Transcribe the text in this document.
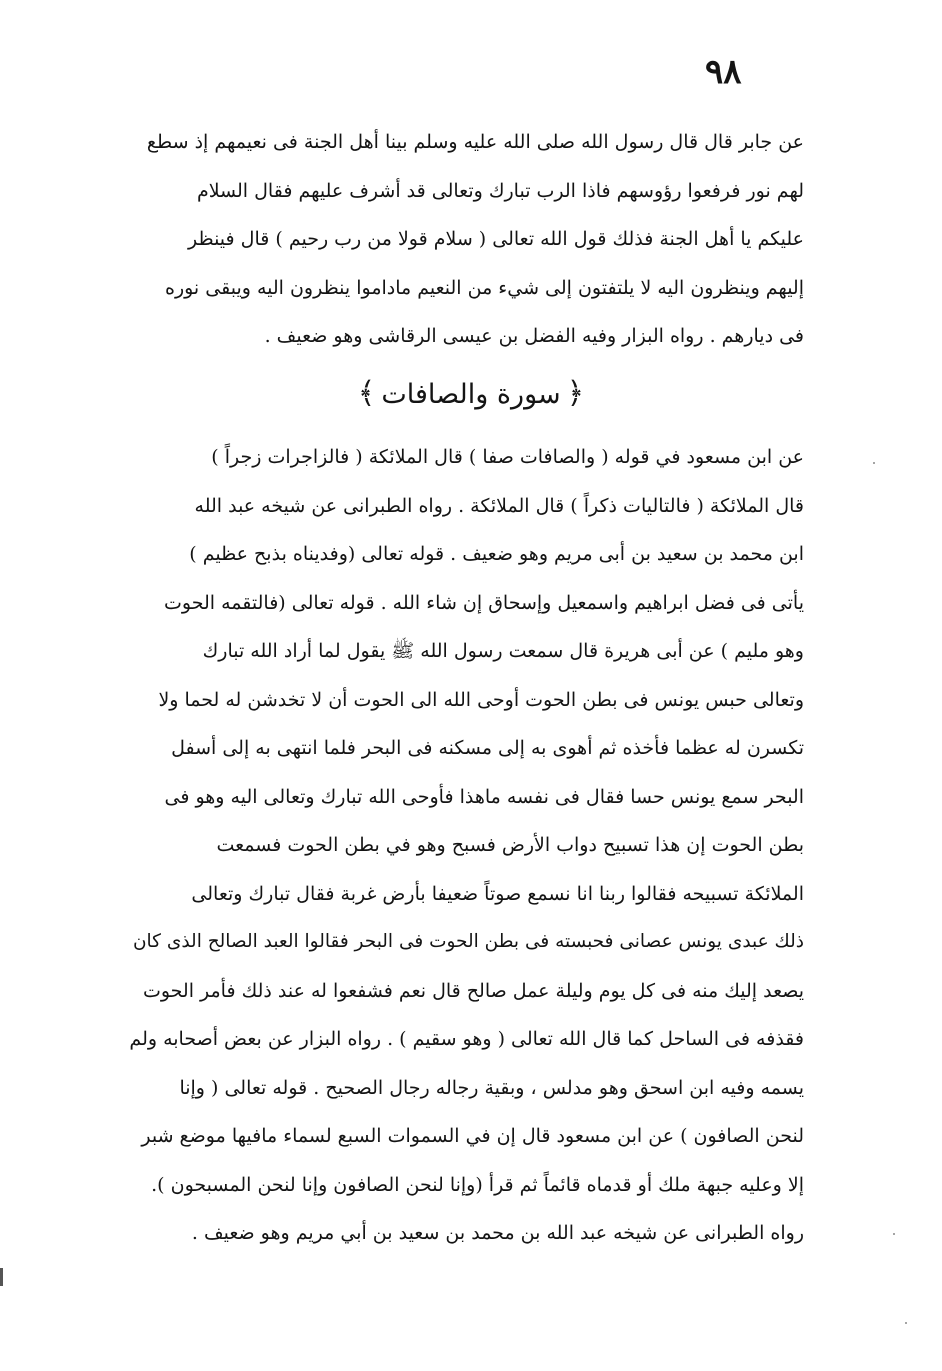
٩٨
عن جابر قال قال رسول الله صلى الله عليه وسلم بينا أهل الجنة فى نعيمهم إذ سطع
لهم نور فرفعوا رؤوسهم فاذا الرب تبارك وتعالى قد أشرف عليهم فقال السلام
عليكم يا أهل الجنة فذلك قول الله تعالى ( سلام قولا من رب رحيم ) قال فينظر
إليهم وينظرون اليه لا يلتفتون إلى شيء من النعيم ماداموا ينظرون اليه ويبقى نوره
فى ديارهم . رواه البزار وفيه الفضل بن عيسى الرقاشى وهو ضعيف .
﴿سورة والصافات﴾
عن ابن مسعود في قوله ( والصافات صفا ) قال الملائكة ( فالزاجرات زجراً )
قال الملائكة ( فالتاليات ذكراً ) قال الملائكة . رواه الطبرانى عن شيخه عبد الله
ابن محمد بن سعيد بن أبى مريم وهو ضعيف . قوله تعالى (وفديناه بذبح عظيم )
يأتى فى فضل ابراهيم واسمعيل وإسحاق إن شاء الله . قوله تعالى (فالتقمه الحوت
وهو مليم ) عن أبى هريرة قال سمعت رسول الله ﷺ يقول لما أراد الله تبارك
وتعالى حبس يونس فى بطن الحوت أوحى الله الى الحوت أن لا تخدشن له لحما ولا
تكسرن له عظما فأخذه ثم أهوى به إلى مسكنه فى البحر فلما انتهى به إلى أسفل
البحر سمع يونس حسا فقال فى نفسه ماهذا فأوحى الله تبارك وتعالى اليه وهو فى
بطن الحوت إن هذا تسبيح دواب الأرض فسبح وهو في بطن الحوت فسمعت
الملائكة تسبيحه فقالوا ربنا انا نسمع صوتاً ضعيفا بأرض غربة فقال تبارك وتعالى
ذلك عبدى يونس عصانى فحبسته فى بطن الحوت فى البحر فقالوا العبد الصالح الذى كان
يصعد إليك منه فى كل يوم وليلة عمل صالح قال نعم فشفعوا له عند ذلك فأمر الحوت
فقذفه فى الساحل كما قال الله تعالى ( وهو سقيم ) . رواه البزار عن بعض أصحابه ولم
يسمه وفيه ابن اسحق وهو مدلس ، وبقية رجاله رجال الصحيح . قوله تعالى ( وإنا
لنحن الصافون ) عن ابن مسعود قال إن في السموات السبع لسماء مافيها موضع شبر
إلا وعليه جبهة ملك أو قدماه قائماً ثم قرأ (وإنا لنحن الصافون وإنا لنحن المسبحون ).
رواه الطبرانى عن شيخه عبد الله بن محمد بن سعيد بن أبي مريم وهو ضعيف .
